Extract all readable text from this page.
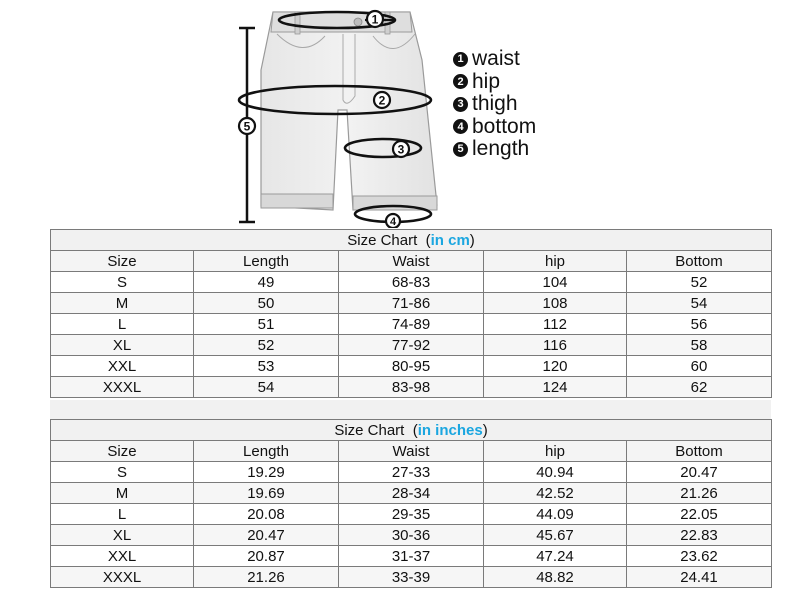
1
2
3
4
5
1 waist
2 hip
3 thigh
4 bottom
5 length
Size Chart (in cm)				
Size	Length	Waist	hip	Bottom
S	49	68-83	104	52
M	50	71-86	108	54
L	51	74-89	112	56
XL	52	77-92	116	58
XXL	53	80-95	120	60
XXXL	54	83-98	124	62
Size Chart (in inches)				
Size	Length	Waist	hip	Bottom
S	19.29	27-33	40.94	20.47
M	19.69	28-34	42.52	21.26
L	20.08	29-35	44.09	22.05
XL	20.47	30-36	45.67	22.83
XXL	20.87	31-37	47.24	23.62
XXXL	21.26	33-39	48.82	24.41
